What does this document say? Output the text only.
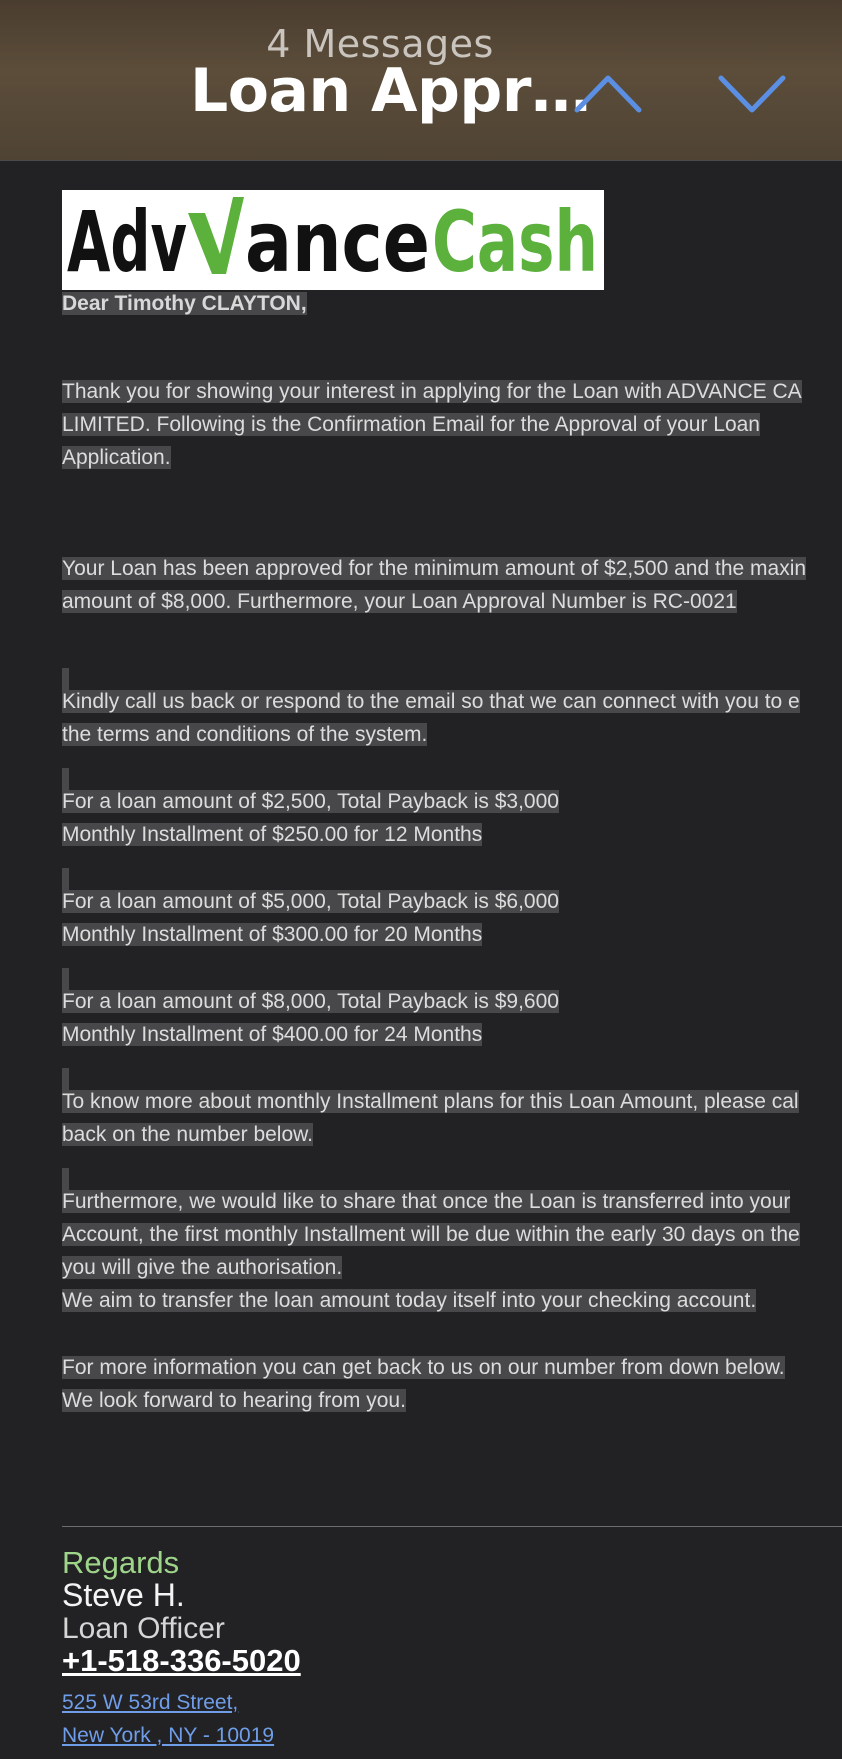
4 Messages
Loan Appr…
Adv ance Cash
Dear Timothy CLAYTON,
Thank you for showing your interest in applying for the Loan with ADVANCE CA
LIMITED. Following is the Confirmation Email for the Approval of your Loan
Application.
Your Loan has been approved for the minimum amount of $2,500 and the maxin
amount of $8,000. Furthermore, your Loan Approval Number is RC-0021
Kindly call us back or respond to the email so that we can connect with you to e
the terms and conditions of the system.
For a loan amount of $2,500, Total Payback is $3,000
Monthly Installment of $250.00 for 12 Months
For a loan amount of $5,000, Total Payback is $6,000
Monthly Installment of $300.00 for 20 Months
For a loan amount of $8,000, Total Payback is $9,600
Monthly Installment of $400.00 for 24 Months
To know more about monthly Installment plans for this Loan Amount, please cal
back on the number below.
Furthermore, we would like to share that once the Loan is transferred into your
Account, the first monthly Installment will be due within the early 30 days on the
you will give the authorisation.
We aim to transfer the loan amount today itself into your checking account.
For more information you can get back to us on our number from down below.
We look forward to hearing from you.
Regards
Steve H.
Loan Officer
+1-518-336-5020
525 W 53rd Street,
New York , NY - 10019
